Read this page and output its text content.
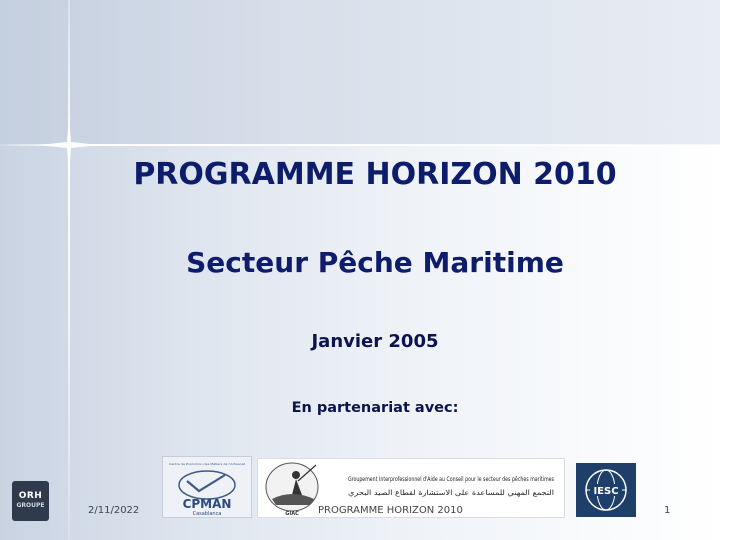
PROGRAMME HORIZON 2010
Secteur Pêche Maritime
Janvier 2005
En partenariat avec:
ORH
GROUPE
Centre de Promotion des Métiers de l'Artisanat
CPMAN
Casablanca	GIAC
Groupement Interprofessionnel d'Aide au Conseil pour le secteur des pêches maritimes
التجمع المهني للمساعدة على الاستشارة لقطاع الصيد البحري	IESC
2/11/2022	PROGRAMME HORIZON 2010	1
